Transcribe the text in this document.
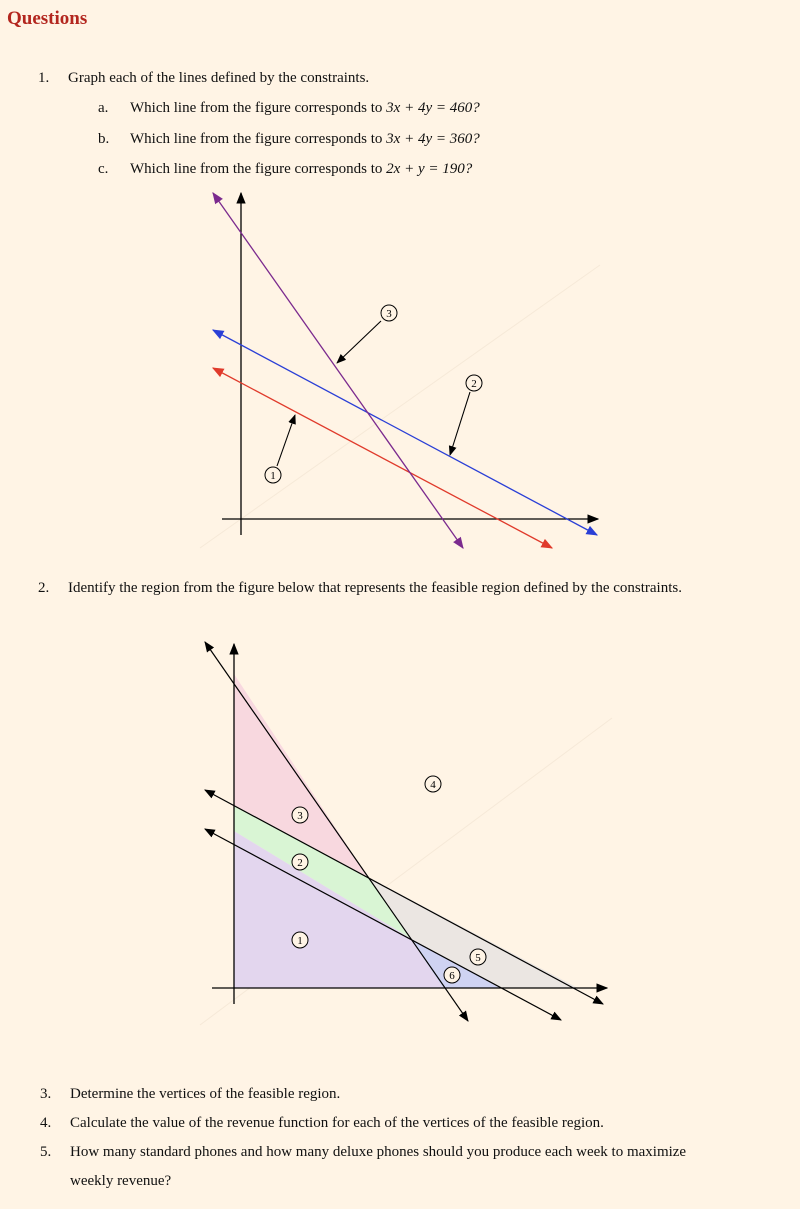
Questions
1. Graph each of the lines defined by the constraints.
a. Which line from the figure corresponds to 3x + 4y = 460?
b. Which line from the figure corresponds to 3x + 4y = 360?
c. Which line from the figure corresponds to 2x + y = 190?
1
2
3
2. Identify the region from the figure below that represents the feasible region defined by the constraints.
1
2
3
4
5
6
3. Determine the vertices of the feasible region.
4. Calculate the value of the revenue function for each of the vertices of the feasible region.
5. How many standard phones and how many deluxe phones should you produce each week to maximize
weekly revenue?
